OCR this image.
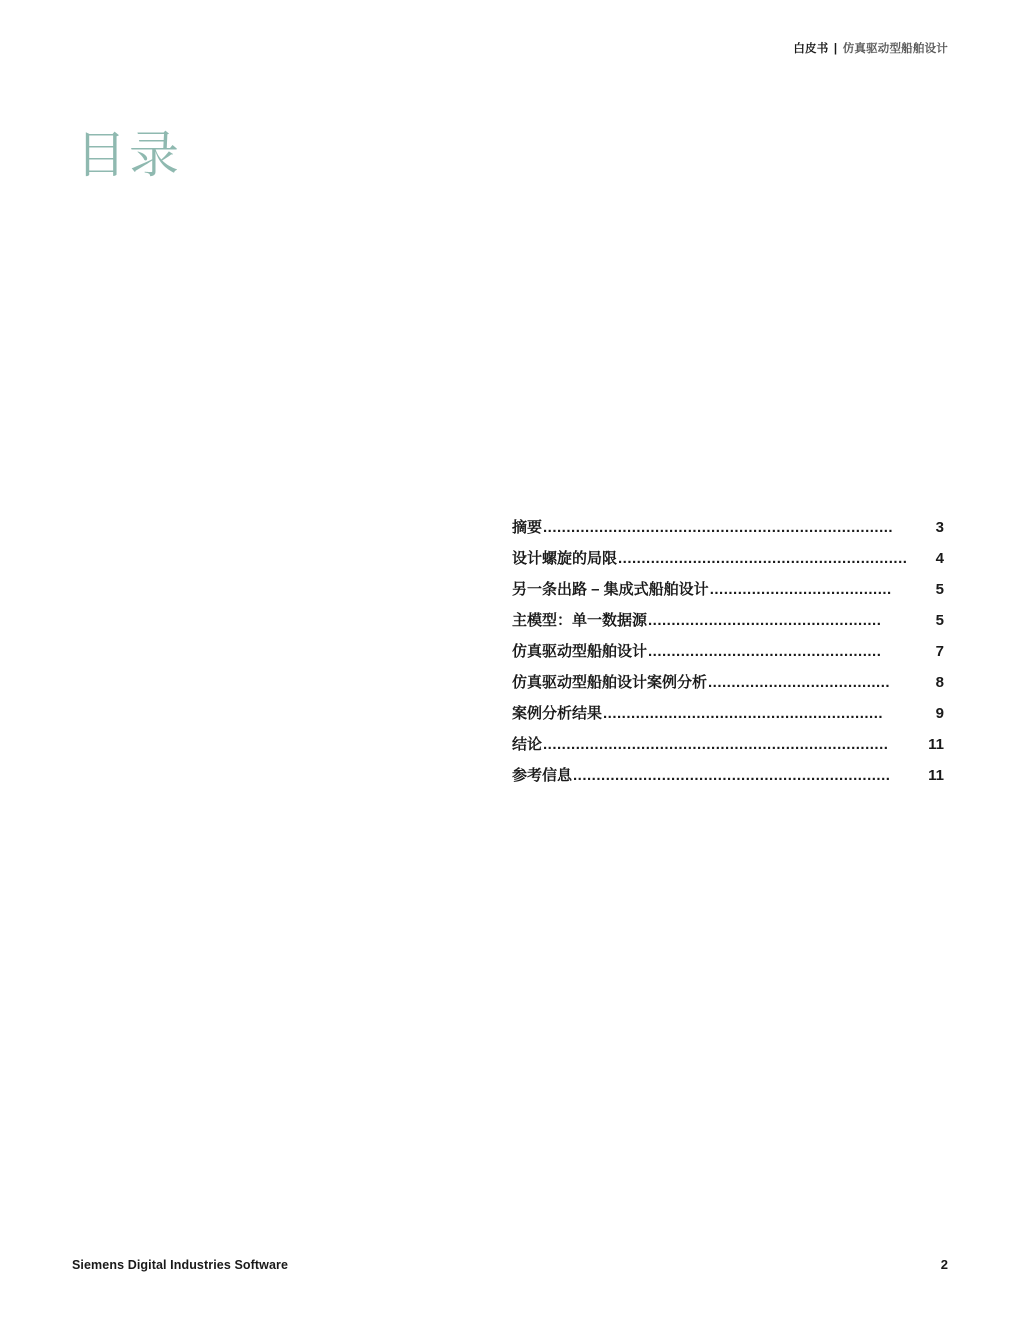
白皮书 | 仿真驱动型船舶设计
目录
摘要 ...........................................................................	3
设计螺旋的局限 ..............................................................	4
另一条出路 – 集成式船舶设计 .......................................	5
主模型：单一数据源 ..................................................	5
仿真驱动型船舶设计 ..................................................	7
仿真驱动型船舶设计案例分析 .......................................	8
案例分析结果 ............................................................	9
结论 ..........................................................................	11
参考信息 ....................................................................	11
Siemens Digital Industries Software	2
